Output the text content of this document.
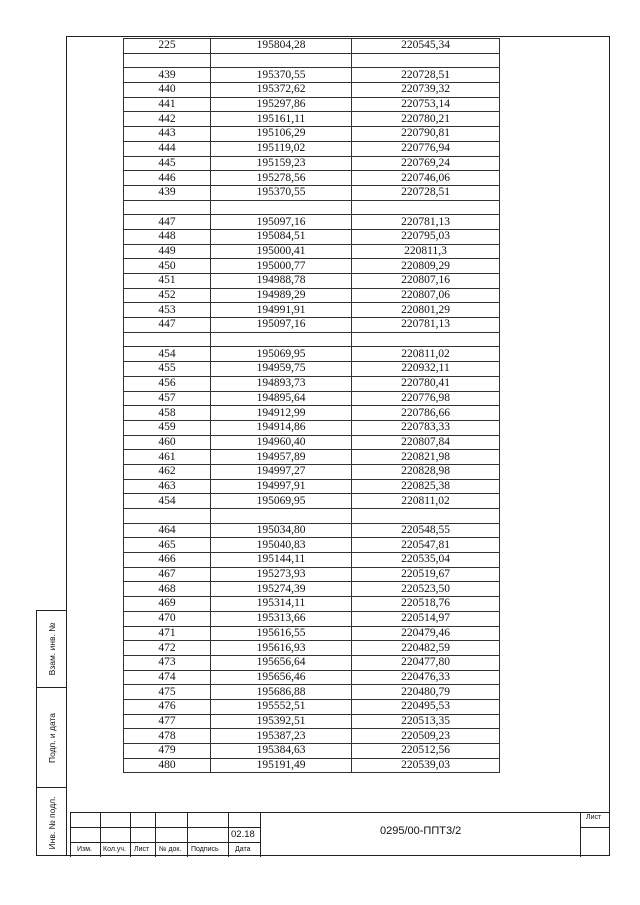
225	195804,28	220545,34

439	195370,55	220728,51
440	195372,62	220739,32
441	195297,86	220753,14
442	195161,11	220780,21
443	195106,29	220790,81
444	195119,02	220776,94
445	195159,23	220769,24
446	195278,56	220746,06
439	195370,55	220728,51

447	195097,16	220781,13
448	195084,51	220795,03
449	195000,41	220811,3
450	195000,77	220809,29
451	194988,78	220807,16
452	194989,29	220807,06
453	194991,91	220801,29
447	195097,16	220781,13

454	195069,95	220811,02
455	194959,75	220932,11
456	194893,73	220780,41
457	194895,64	220776,98
458	194912,99	220786,66
459	194914,86	220783,33
460	194960,40	220807,84
461	194957,89	220821,98
462	194997,27	220828,98
463	194997,91	220825,38
454	195069,95	220811,02

464	195034,80	220548,55
465	195040,83	220547,81
466	195144,11	220535,04
467	195273,93	220519,67
468	195274,39	220523,50
469	195314,11	220518,76
470	195313,66	220514,97
471	195616,55	220479,46
472	195616,93	220482,59
473	195656,64	220477,80
474	195656,46	220476,33
475	195686,88	220480,79
476	195552,51	220495,53
477	195392,51	220513,35
478	195387,23	220509,23
479	195384,63	220512,56
480	195191,49	220539,03
Взам. инв. №
Подп. и дата
Инв. № подл.	02.18	0295/00-ППТ3/2
Лист
Изм. Кол.уч. Лист № док. Подпись Дата
